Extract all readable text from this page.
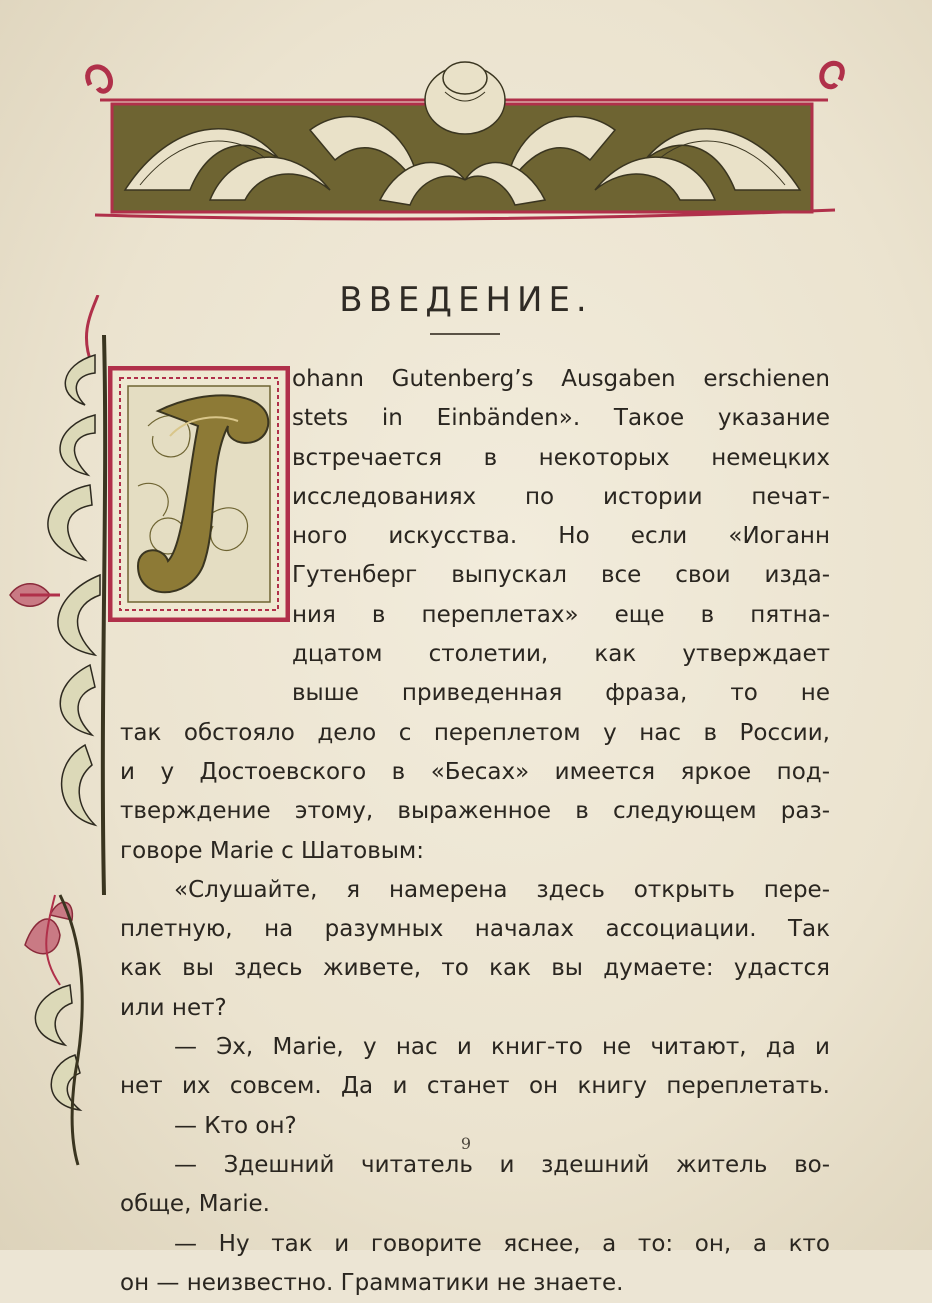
ВВЕДЕНИЕ.
ohann Gutenberg’s Ausgaben erschienen
stets in Einbänden». Такое указание
встречается в некоторых немецких
исследованиях по истории печат-
ного искусства. Но если «Иоганн
Гутенберг выпускал все свои изда-
ния в переплетах» еще в пятна-
дцатом столетии, как утверждает
выше приведенная фраза, то не
так обстояло дело с переплетом у нас в России,
и у Достоевского в «Бесах» имеется яркое под-
тверждение этому, выраженное в следующем раз-
говоре Marie с Шатовым:
«Слушайте, я намерена здесь открыть пере-
плетную, на разумных началах ассоциации. Так
как вы здесь живете, то как вы думаете: удастся
или нет?
— Эх, Marie, у нас и книг-то не читают, да и
нет их совсем. Да и станет он книгу переплетать.
— Кто он?
— Здешний читатель и здешний житель во-
обще, Marie.
— Ну так и говорите яснее, а то: он, а кто
он — неизвестно. Грамматики не знаете.
9
